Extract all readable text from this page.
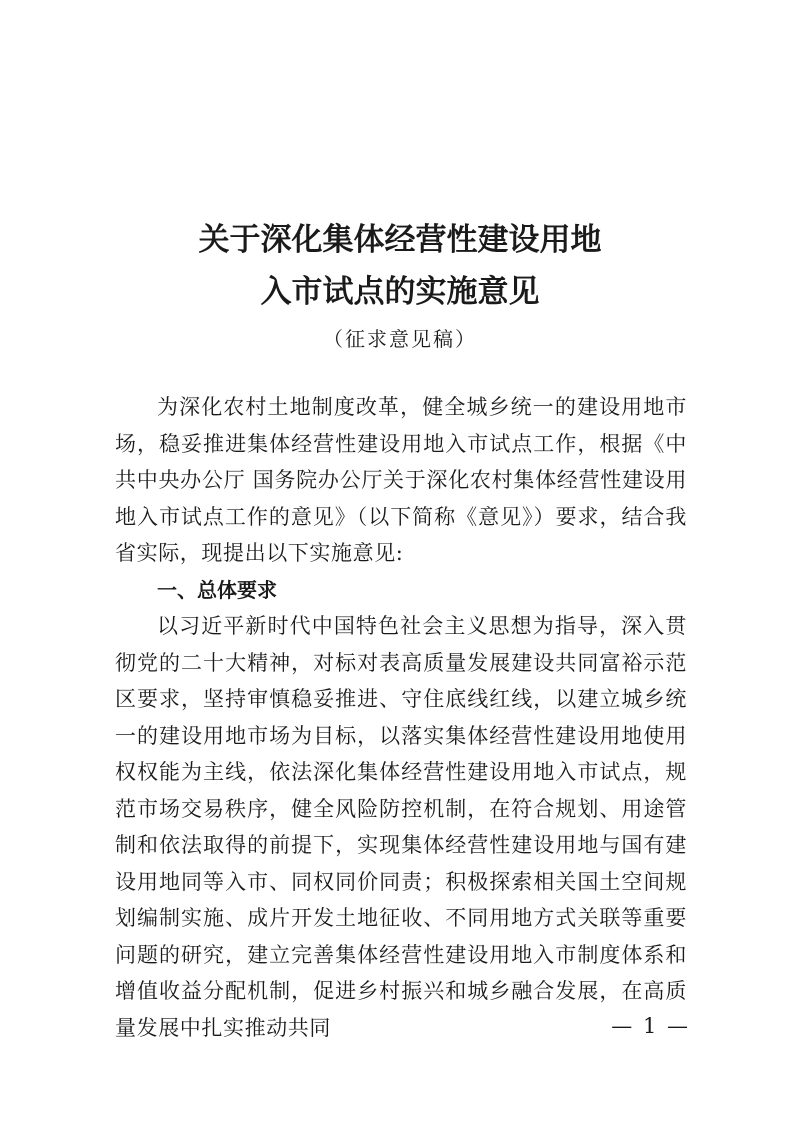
关于深化集体经营性建设用地
入市试点的实施意见
（征求意见稿）

为深化农村土地制度改革，健全城乡统一的建设用地市场，稳妥推进集体经营性建设用地入市试点工作，根据《中共中央办公厅 国务院办公厅关于深化农村集体经营性建设用地入市试点工作的意见》（以下简称《意见》）要求，结合我省实际，现提出以下实施意见:

一、总体要求

以习近平新时代中国特色社会主义思想为指导，深入贯彻党的二十大精神，对标对表高质量发展建设共同富裕示范区要求，坚持审慎稳妥推进、守住底线红线，以建立城乡统一的建设用地市场为目标，以落实集体经营性建设用地使用权权能为主线，依法深化集体经营性建设用地入市试点，规范市场交易秩序，健全风险防控机制，在符合规划、用途管制和依法取得的前提下，实现集体经营性建设用地与国有建设用地同等入市、同权同价同责；积极探索相关国土空间规划编制实施、成片开发土地征收、不同用地方式关联等重要问题的研究，建立完善集体经营性建设用地入市制度体系和增值收益分配机制，促进乡村振兴和城乡融合发展，在高质量发展中扎实推动共同	— 1 —
